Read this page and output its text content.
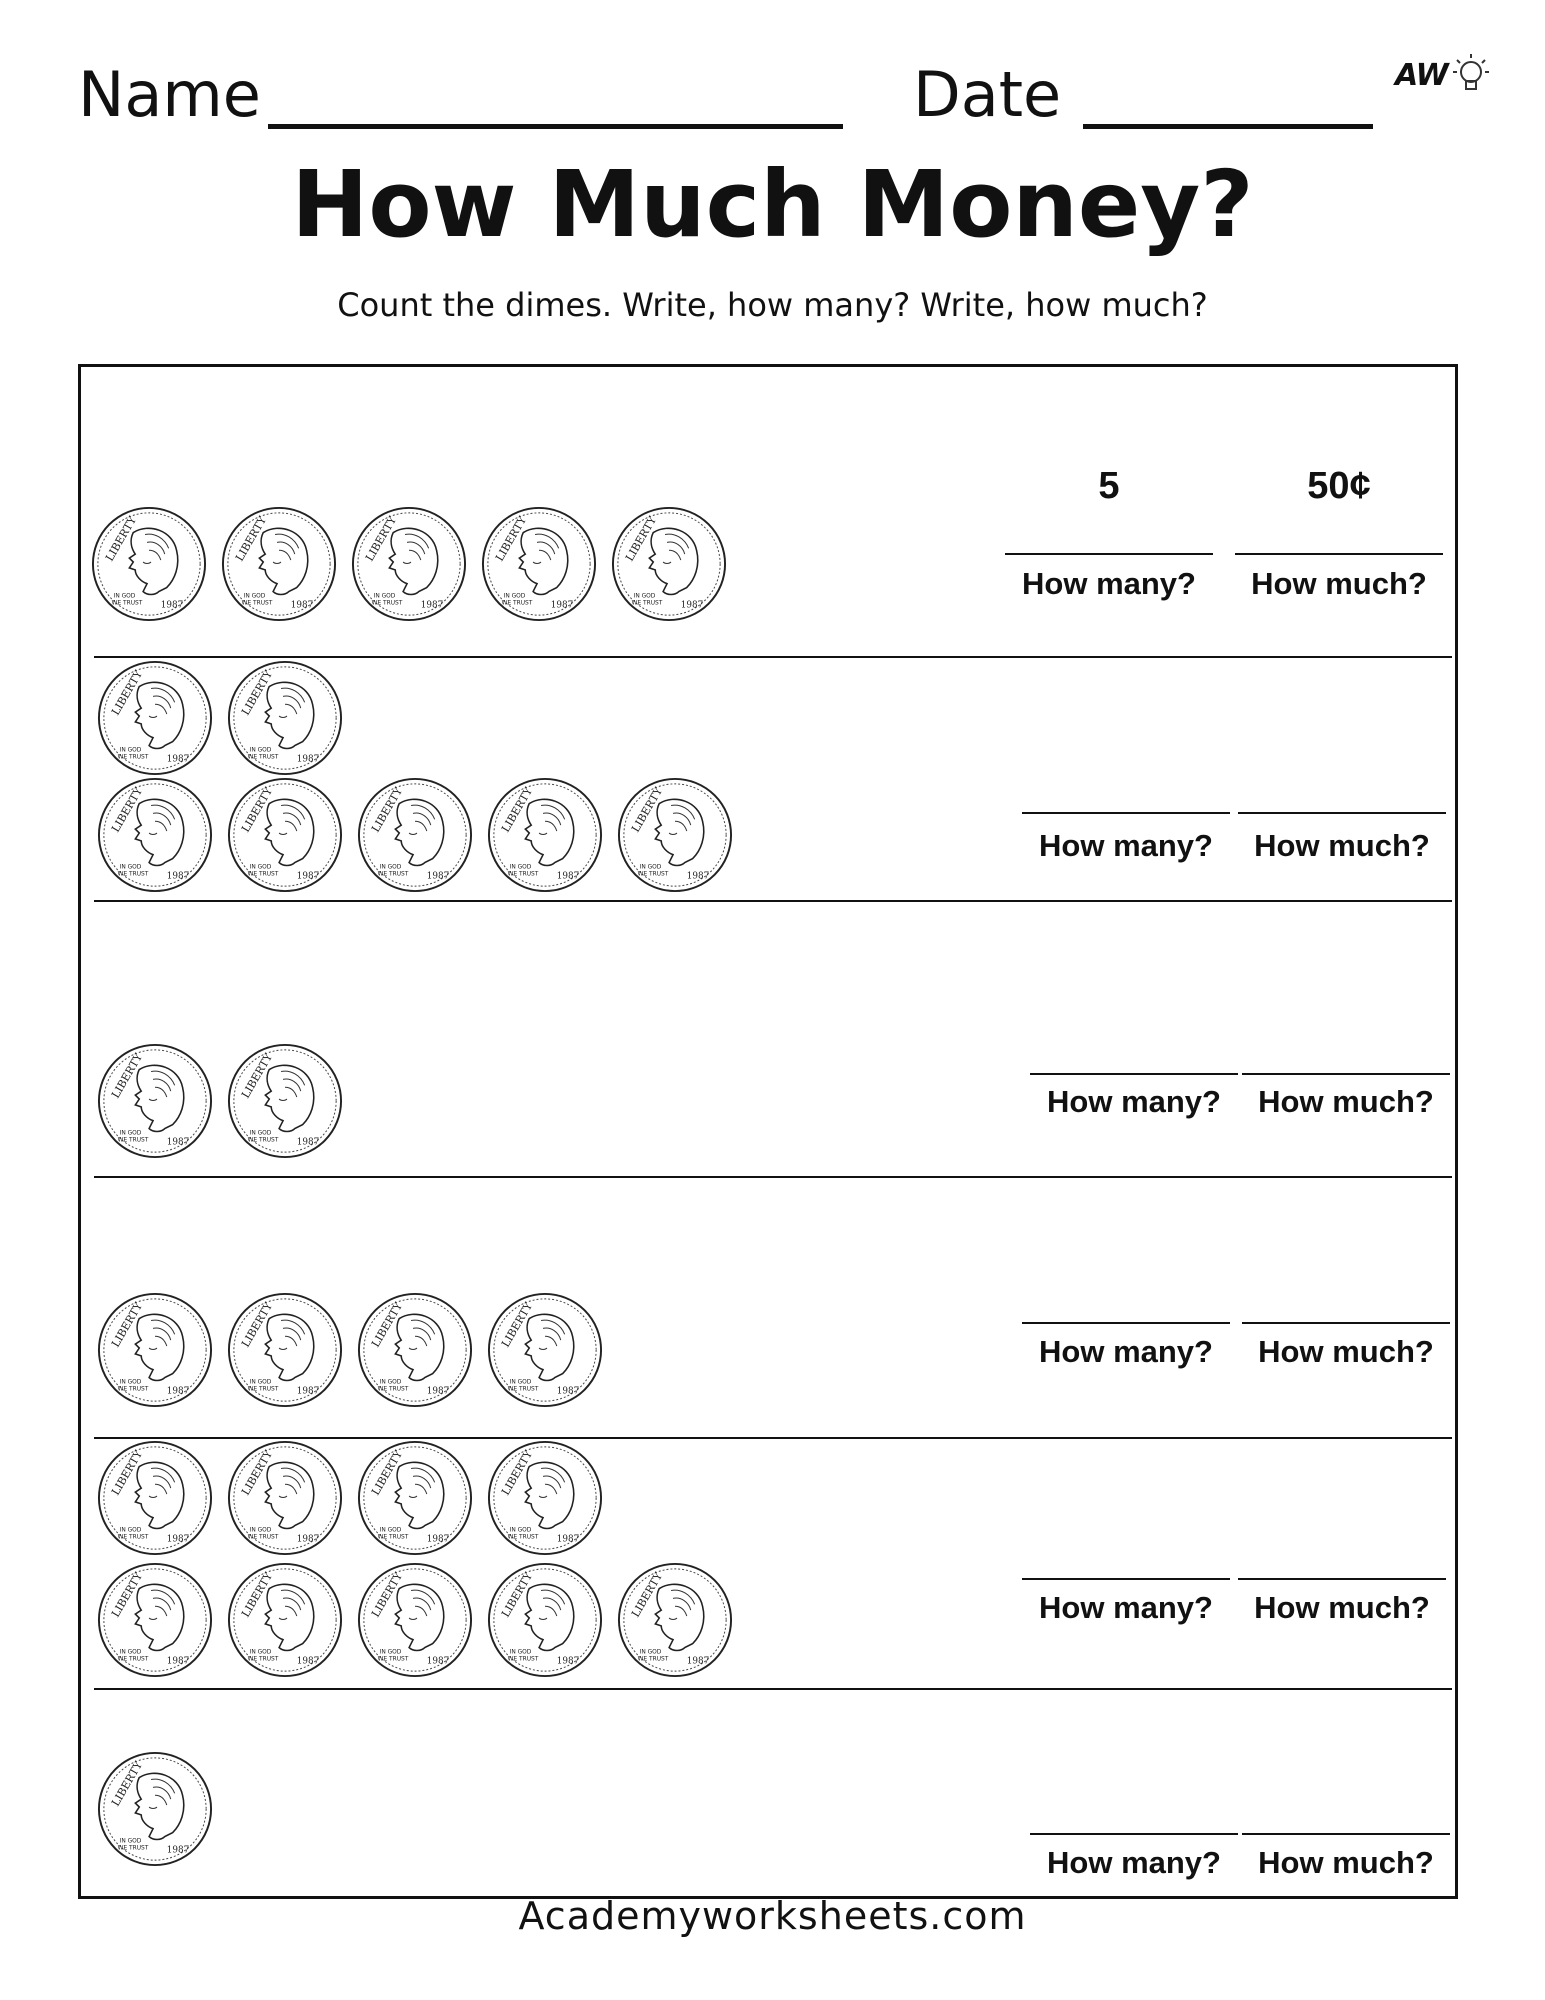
Name	Date	AW
How Much Money?
Count the dimes. Write, how many? Write, how much?
LIBERTY
IN GOD
WE TRUST 1987
LIBERTY
IN GOD
WE TRUST 1987
LIBERTY
IN GOD
WE TRUST 1987
LIBERTY
IN GOD
WE TRUST 1987
LIBERTY
IN GOD
WE TRUST 1987
5	50¢
How many?	How much?
LIBERTY
IN GOD
WE TRUST 1987
LIBERTY
IN GOD
WE TRUST 1987
LIBERTY
IN GOD
WE TRUST 1987
LIBERTY
IN GOD
WE TRUST 1987
LIBERTY
IN GOD
WE TRUST 1987
LIBERTY
IN GOD
WE TRUST 1987
LIBERTY
IN GOD
WE TRUST 1987
How many?	How much?
LIBERTY
IN GOD
WE TRUST 1987
LIBERTY
IN GOD
WE TRUST 1987
How many?	How much?
LIBERTY
IN GOD
WE TRUST 1987
LIBERTY
IN GOD
WE TRUST 1987
LIBERTY
IN GOD
WE TRUST 1987
LIBERTY
IN GOD
WE TRUST 1987
How many?	How much?
LIBERTY
IN GOD
WE TRUST 1987
LIBERTY
IN GOD
WE TRUST 1987
LIBERTY
IN GOD
WE TRUST 1987
LIBERTY
IN GOD
WE TRUST 1987
LIBERTY
IN GOD
WE TRUST 1987
LIBERTY
IN GOD
WE TRUST 1987
LIBERTY
IN GOD
WE TRUST 1987
LIBERTY
IN GOD
WE TRUST 1987
LIBERTY
IN GOD
WE TRUST 1987
How many?	How much?
LIBERTY
IN GOD
WE TRUST 1987	How many?	How much?
Academyworksheets.com
